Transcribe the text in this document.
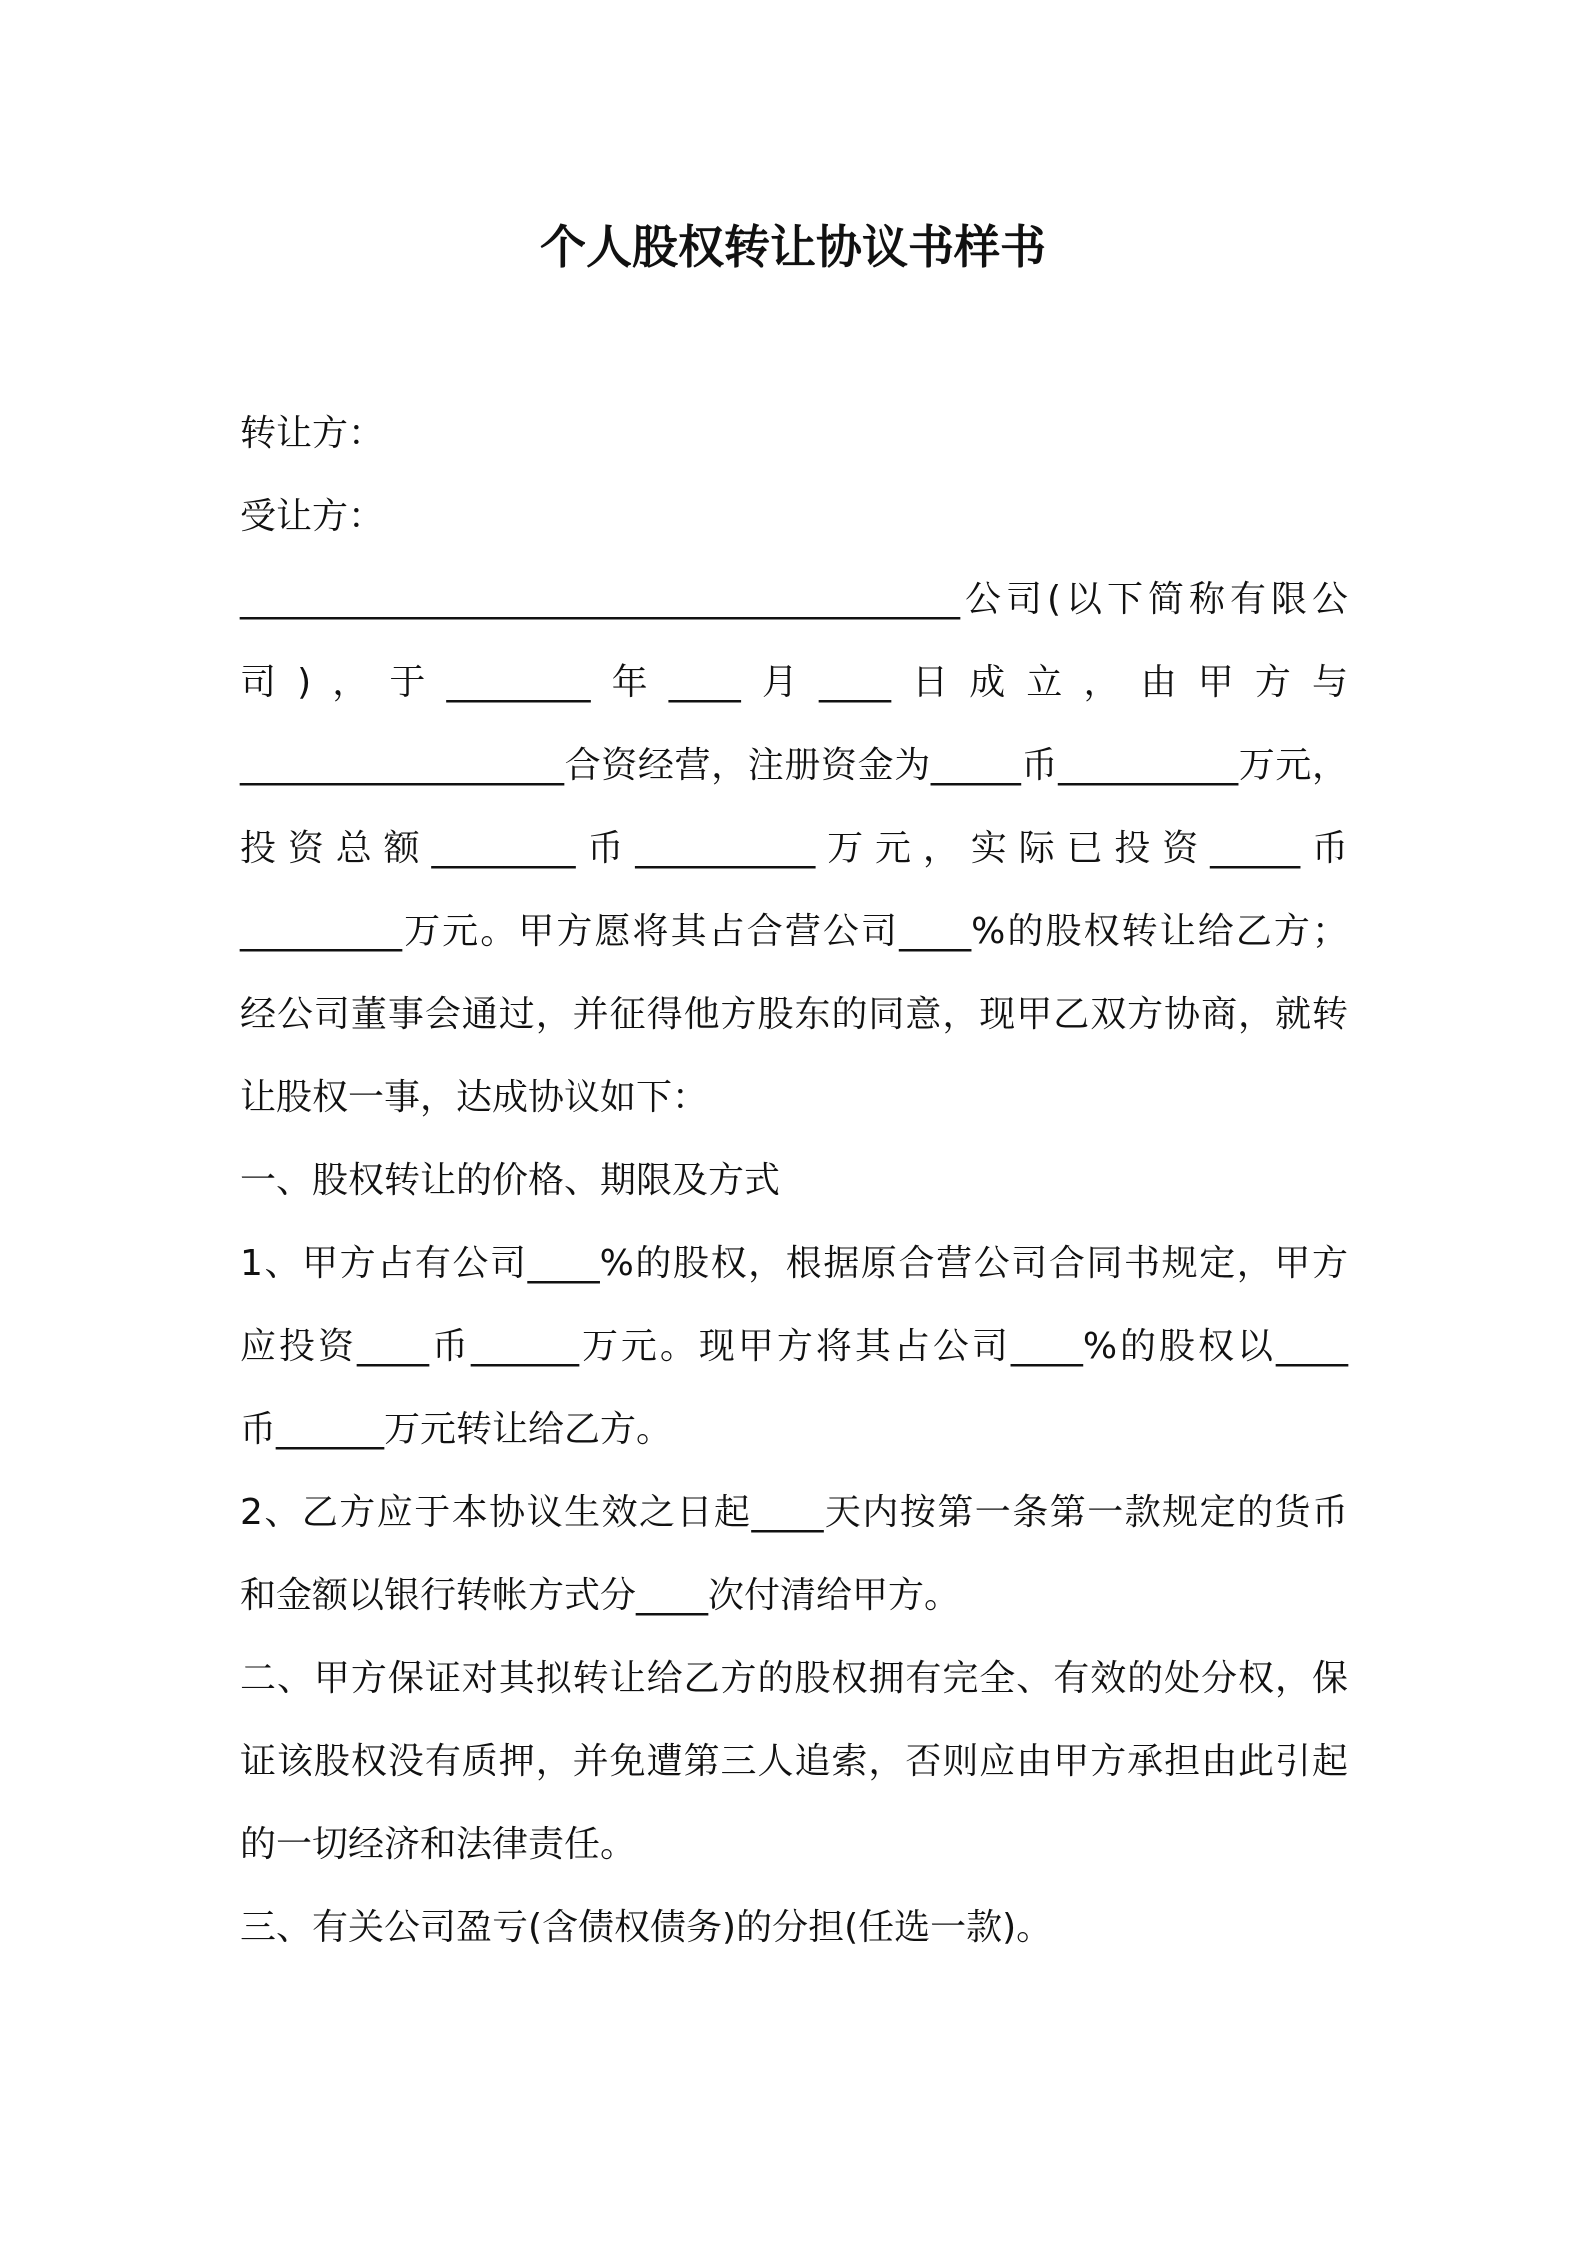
个人股权转让协议书样书
转让方：
受让方：
________________________________________公司(以下简称有限公
司)，于________年____月____日成立，由甲方与
__________________合资经营，注册资金为_____币__________万元，
投资总额________币__________万元，实际已投资_____币
_________万元。甲方愿将其占合营公司____%的股权转让给乙方；
经公司董事会通过，并征得他方股东的同意，现甲乙双方协商，就转
让股权一事，达成协议如下：
一、股权转让的价格、期限及方式
1、甲方占有公司____%的股权，根据原合营公司合同书规定，甲方
应投资____币______万元。现甲方将其占公司____%的股权以____
币______万元转让给乙方。
2、乙方应于本协议生效之日起____天内按第一条第一款规定的货币
和金额以银行转帐方式分____次付清给甲方。
二、甲方保证对其拟转让给乙方的股权拥有完全、有效的处分权，保
证该股权没有质押，并免遭第三人追索，否则应由甲方承担由此引起
的一切经济和法律责任。
三、有关公司盈亏(含债权债务)的分担(任选一款)。
